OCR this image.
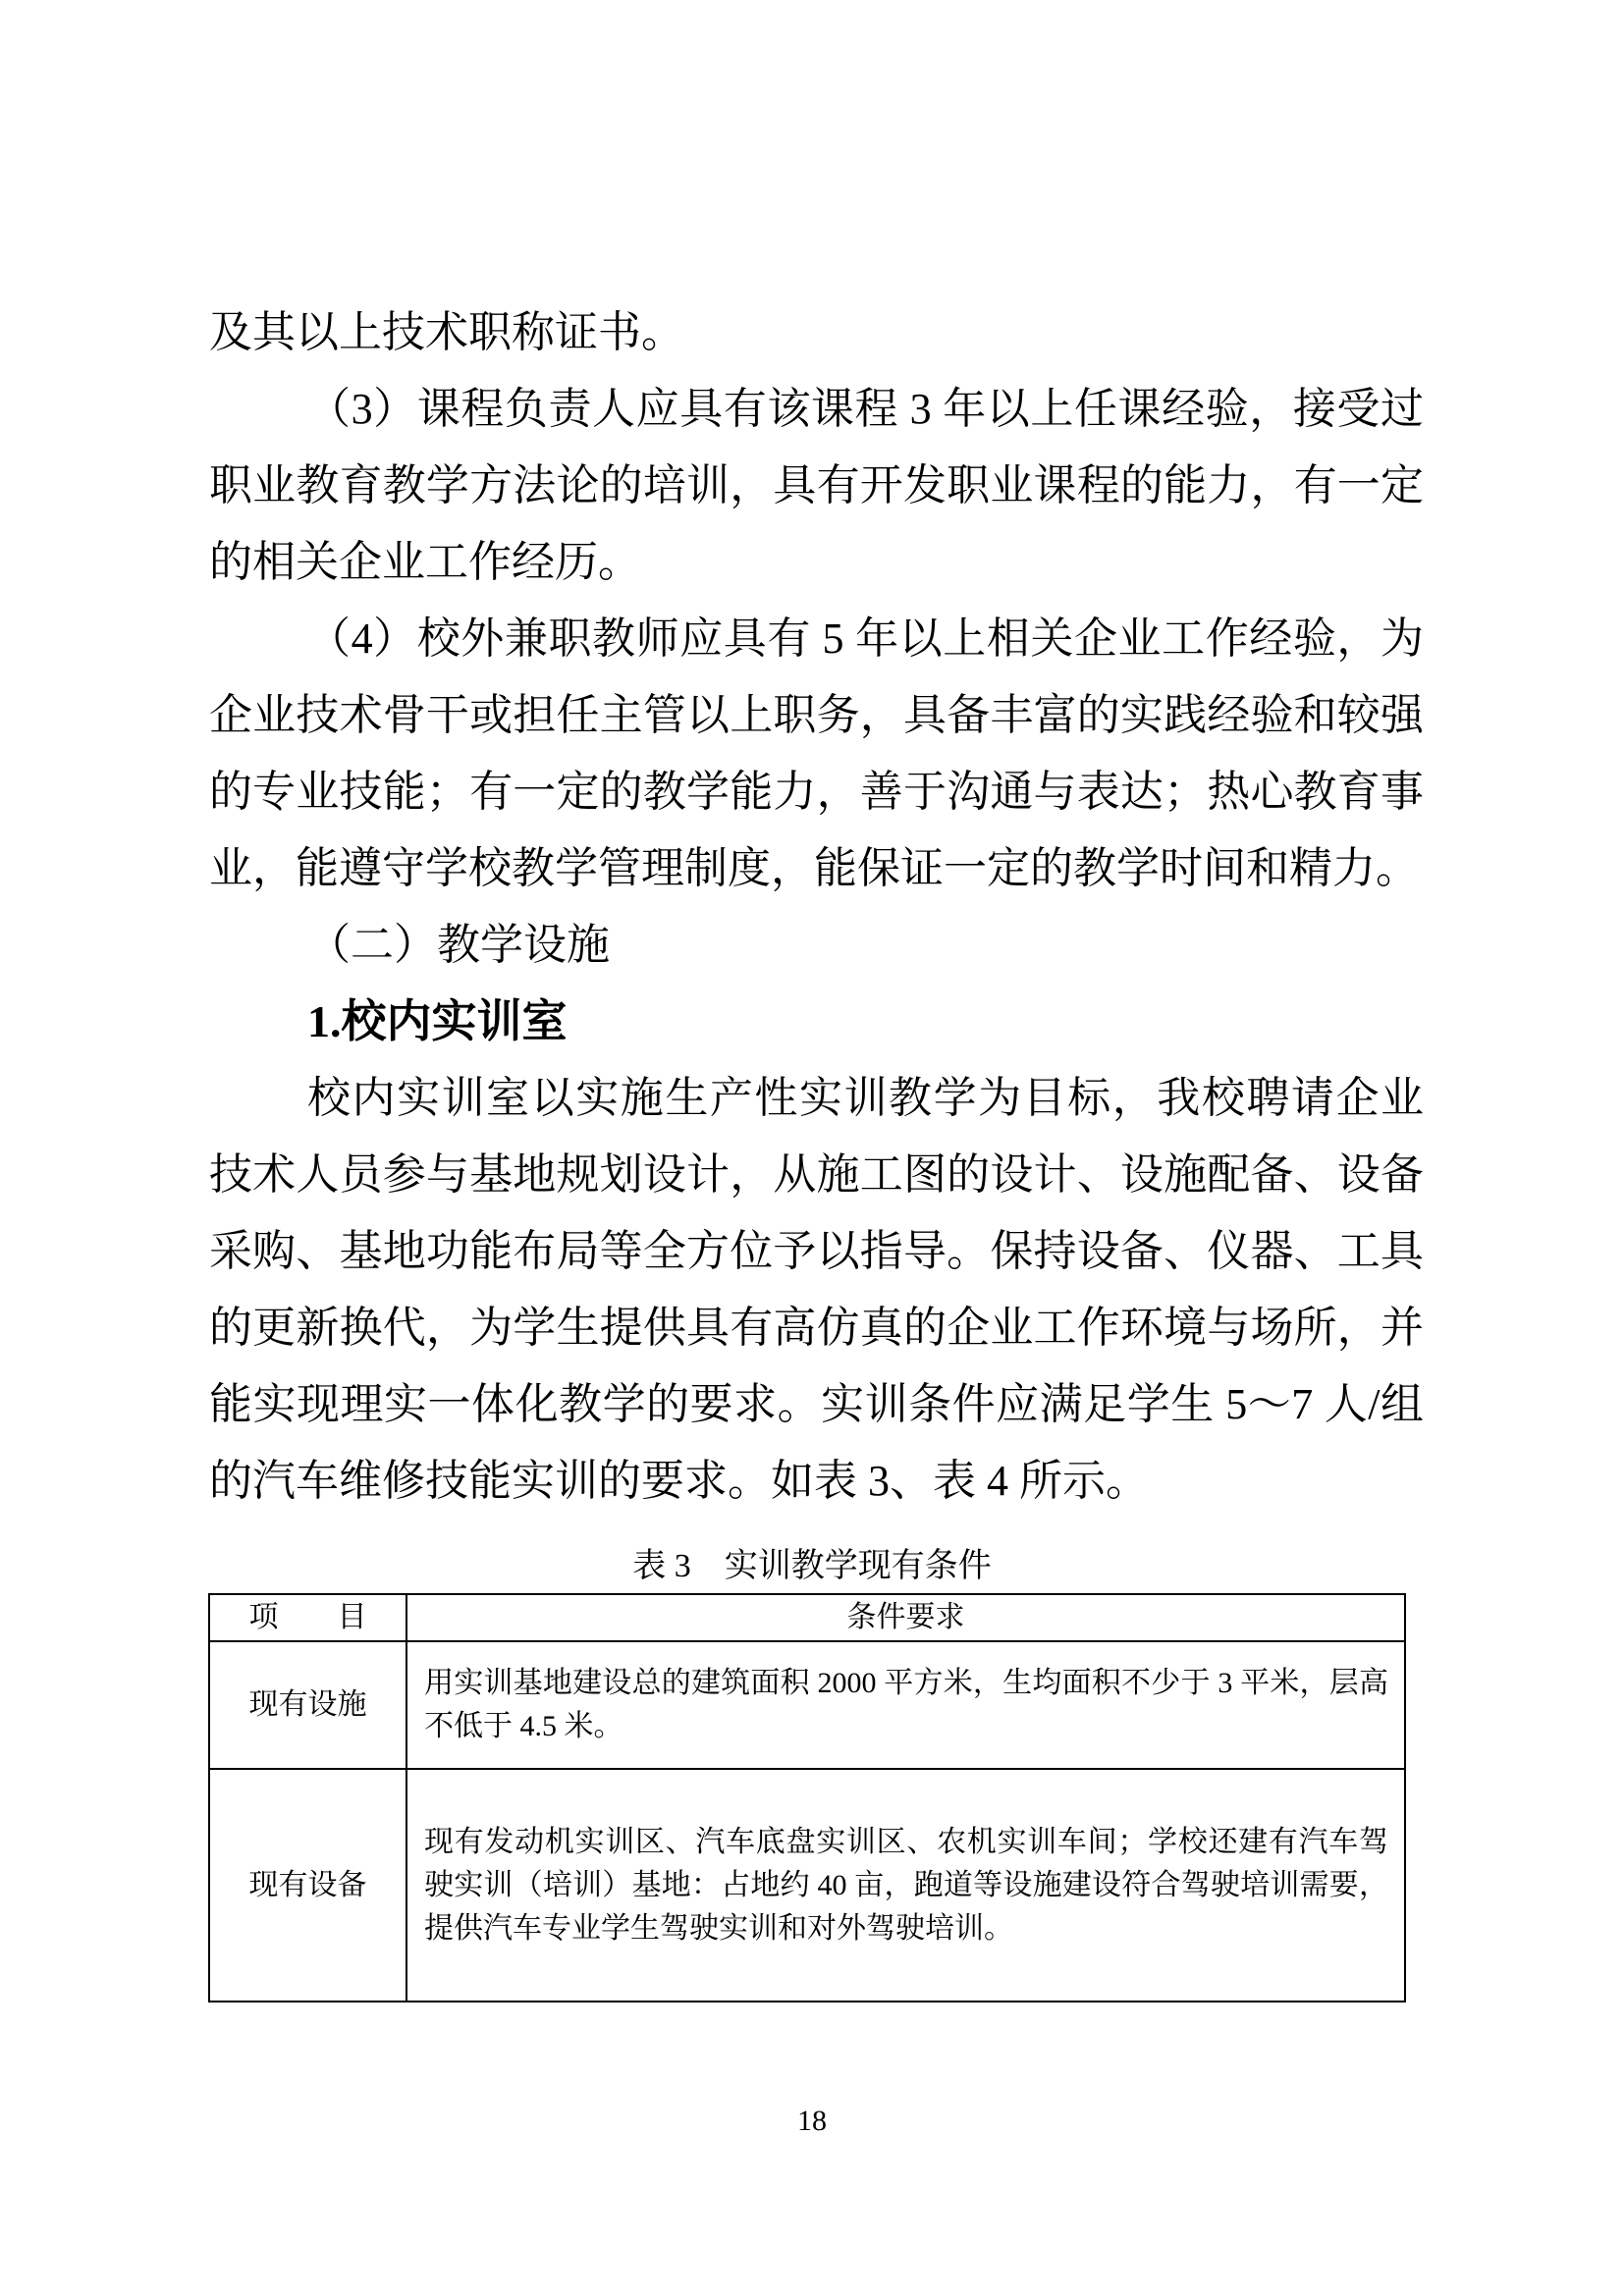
及其以上技术职称证书。

（3）课程负责人应具有该课程 3 年以上任课经验，接受过职业教育教学方法论的培训，具有开发职业课程的能力，有一定的相关企业工作经历。

（4）校外兼职教师应具有 5 年以上相关企业工作经验，为企业技术骨干或担任主管以上职务，具备丰富的实践经验和较强的专业技能；有一定的教学能力，善于沟通与表达；热心教育事业，能遵守学校教学管理制度，能保证一定的教学时间和精力。

（二）教学设施

1.校内实训室

校内实训室以实施生产性实训教学为目标，我校聘请企业技术人员参与基地规划设计，从施工图的设计、设施配备、设备采购、基地功能布局等全方位予以指导。保持设备、仪器、工具的更新换代，为学生提供具有高仿真的企业工作环境与场所，并能实现理实一体化教学的要求。实训条件应满足学生 5～7 人/组的汽车维修技能实训的要求。如表 3、表 4 所示。

表 3　实训教学现有条件
项　　目	条件要求
现有设施	用实训基地建设总的建筑面积 2000 平方米，生均面积不少于 3 平米，层高不低于 4.5 米。
现有设备	现有发动机实训区、汽车底盘实训区、农机实训车间；学校还建有汽车驾驶实训（培训）基地：占地约 40 亩，跑道等设施建设符合驾驶培训需要，提供汽车专业学生驾驶实训和对外驾驶培训。
18
